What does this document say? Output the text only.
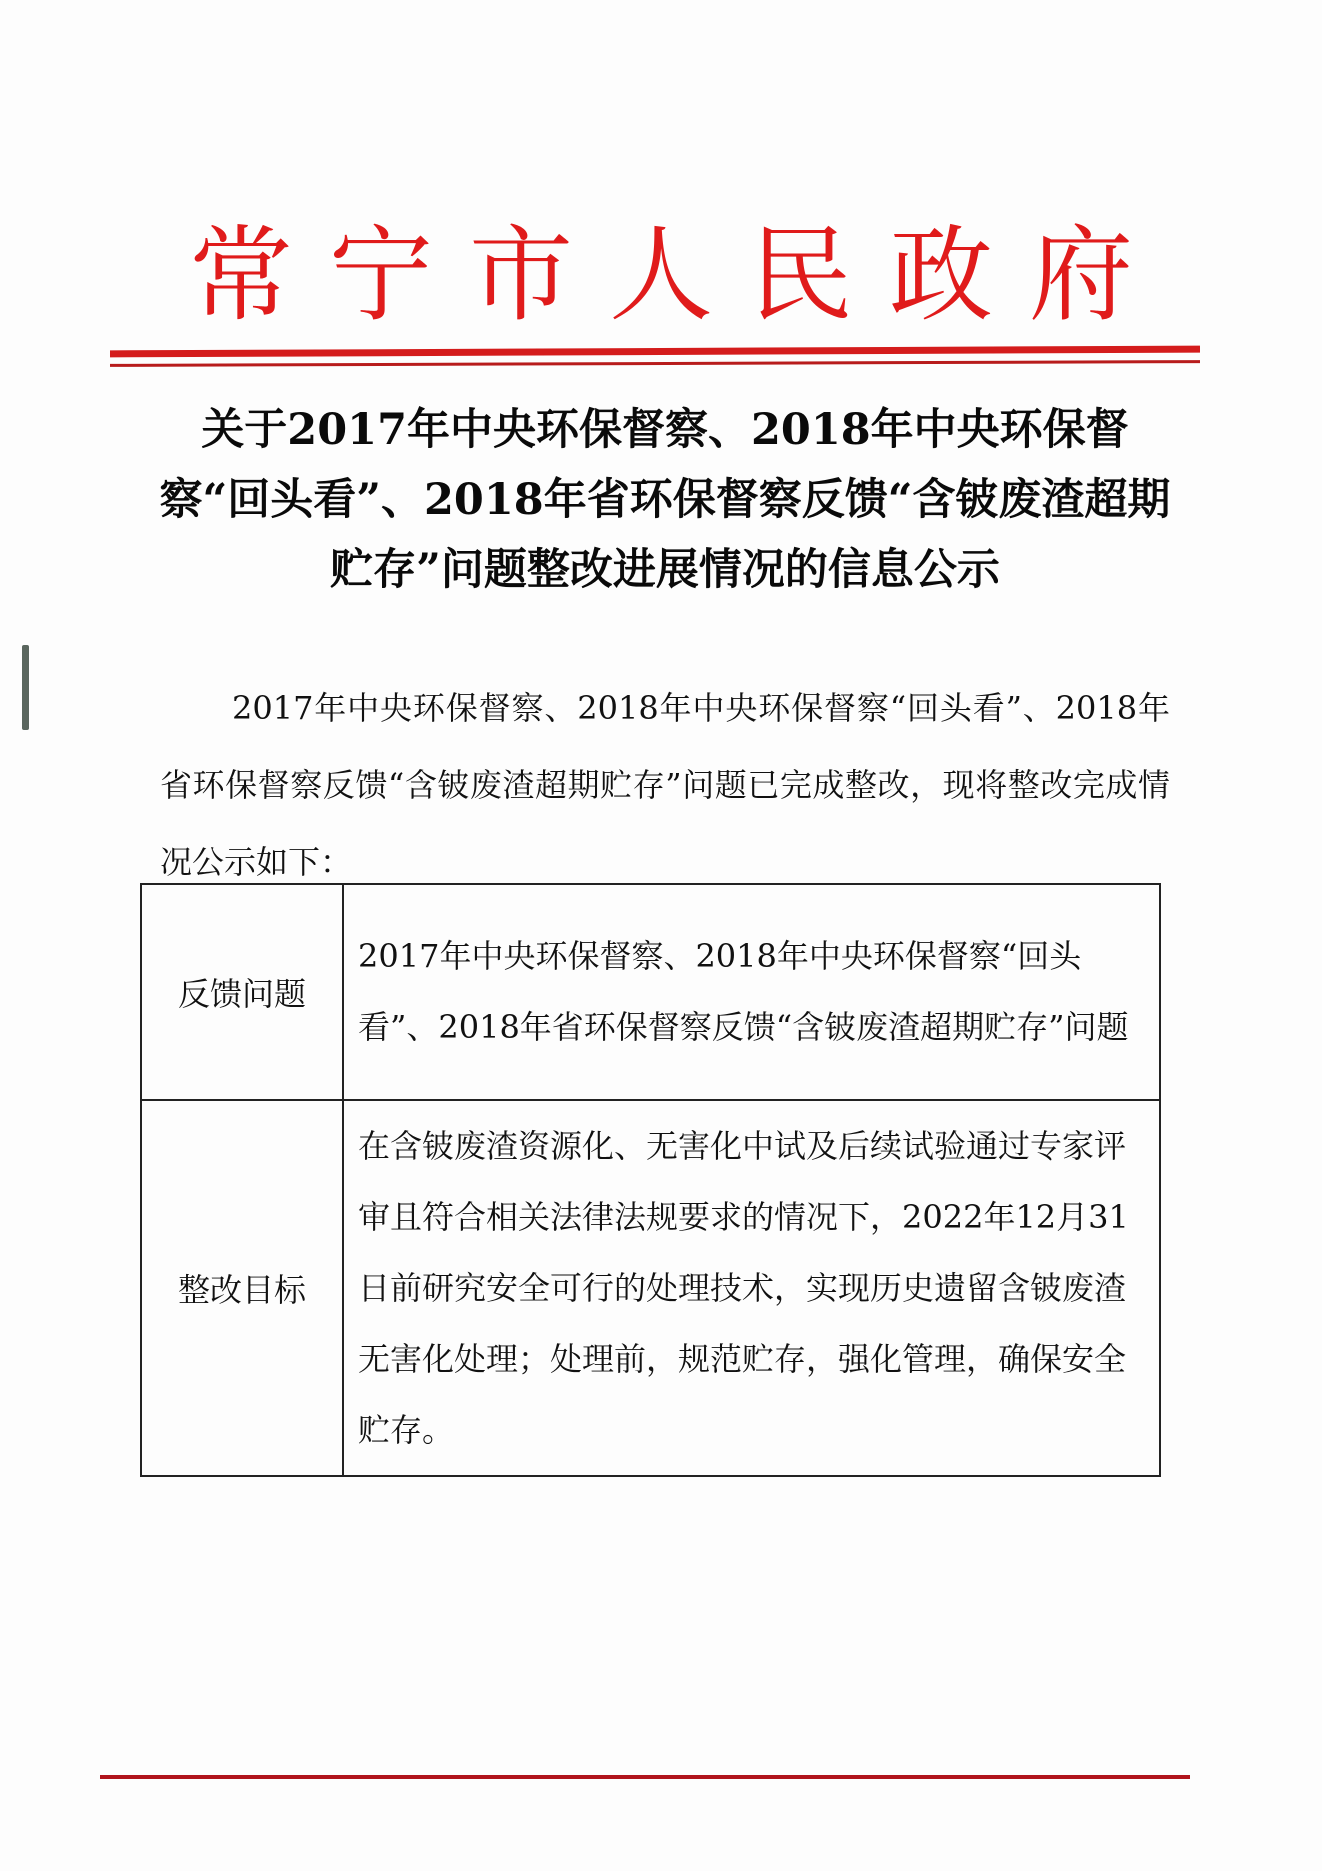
常宁市人民政府
关于2017年中央环保督察、2018年中央环保督察“回头看”、2018年省环保督察反馈“含铍废渣超期贮存”问题整改进展情况的信息公示
2017年中央环保督察、2018年中央环保督察“回头看”、2018年省环保督察反馈“含铍废渣超期贮存”问题已完成整改，现将整改完成情况公示如下：
反馈问题	2017年中央环保督察、2018年中央环保督察“回头看”、2018年省环保督察反馈“含铍废渣超期贮存”问题
整改目标	在含铍废渣资源化、无害化中试及后续试验通过专家评审且符合相关法律法规要求的情况下，2022年12月31日前研究安全可行的处理技术，实现历史遗留含铍废渣无害化处理；处理前，规范贮存，强化管理，确保安全贮存。
